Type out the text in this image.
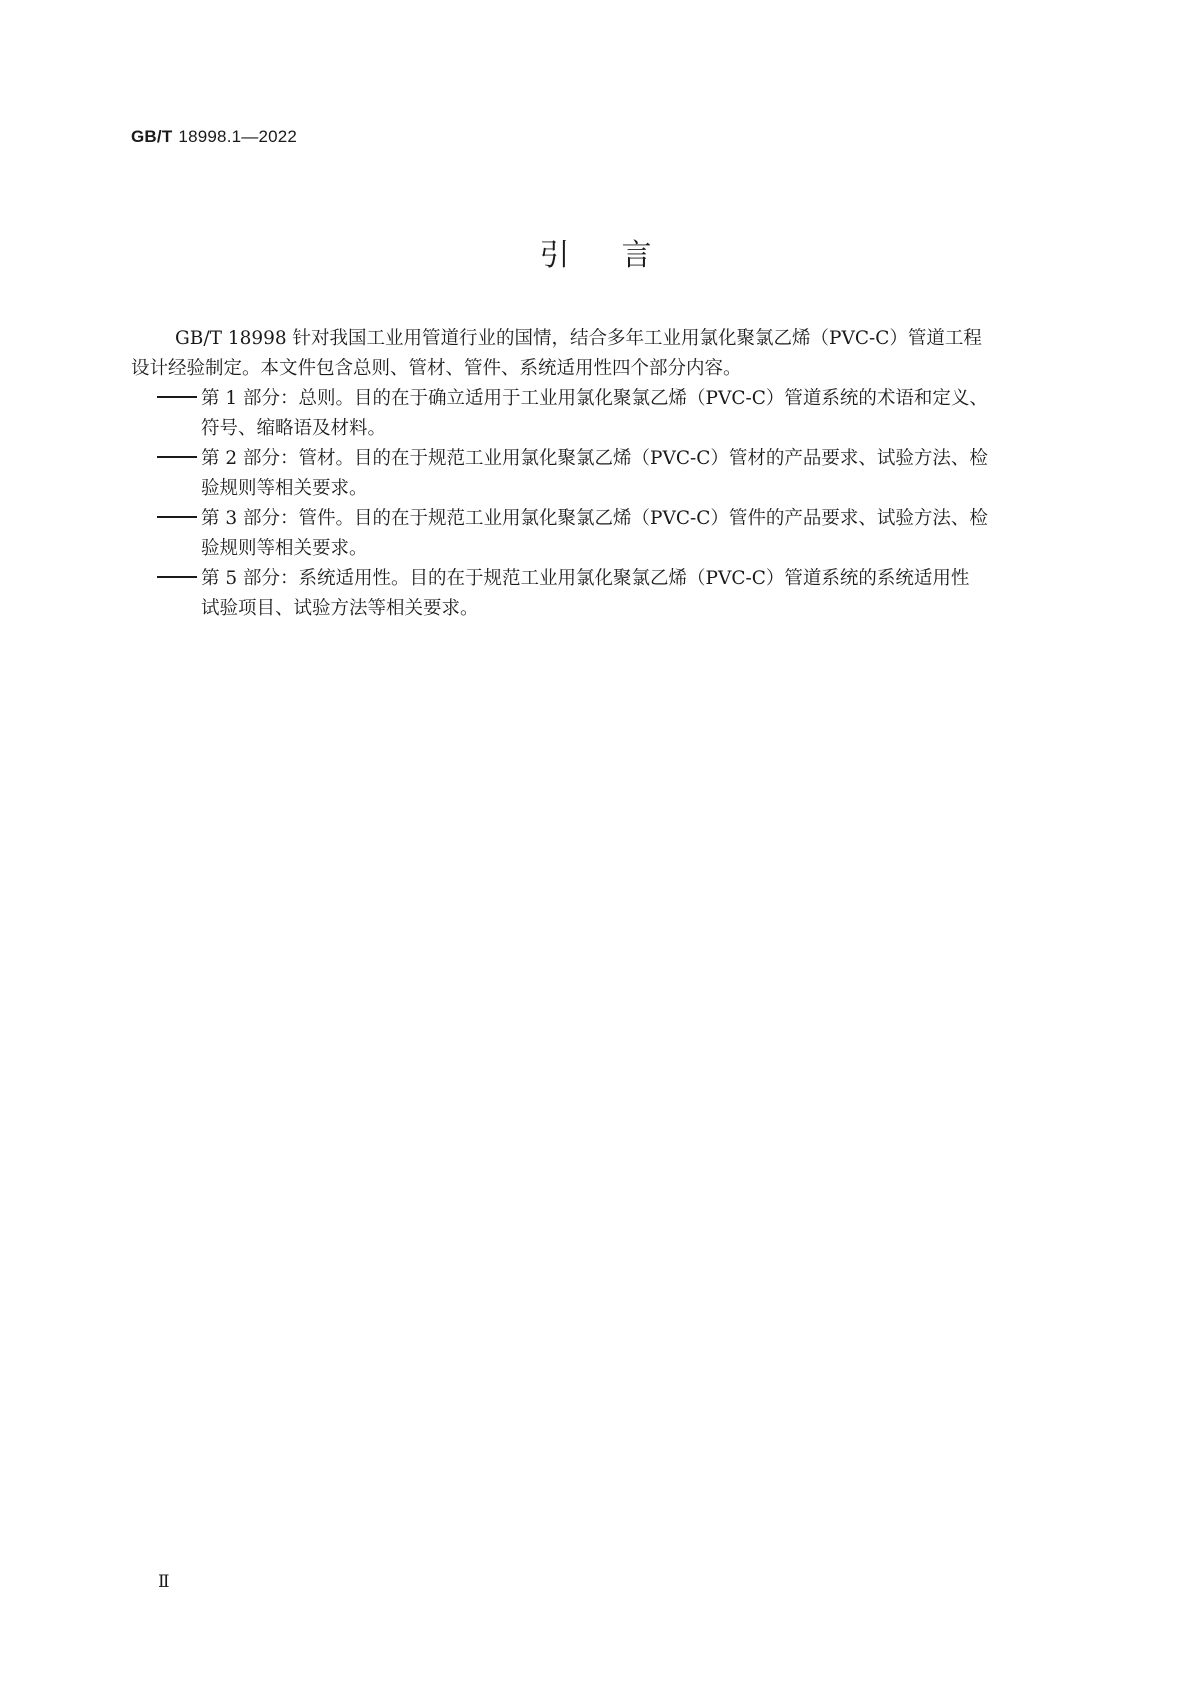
GB/T 18998.1—2022
引言
GB/T 18998 针对我国工业用管道行业的国情，结合多年工业用氯化聚氯乙烯（PVC-C）管道工程
设计经验制定。本文件包含总则、管材、管件、系统适用性四个部分内容。
第 1 部分：总则。目的在于确立适用于工业用氯化聚氯乙烯（PVC-C）管道系统的术语和定义、
符号、缩略语及材料。
第 2 部分：管材。目的在于规范工业用氯化聚氯乙烯（PVC-C）管材的产品要求、试验方法、检
验规则等相关要求。
第 3 部分：管件。目的在于规范工业用氯化聚氯乙烯（PVC-C）管件的产品要求、试验方法、检
验规则等相关要求。
第 5 部分：系统适用性。目的在于规范工业用氯化聚氯乙烯（PVC-C）管道系统的系统适用性
试验项目、试验方法等相关要求。
Ⅱ
